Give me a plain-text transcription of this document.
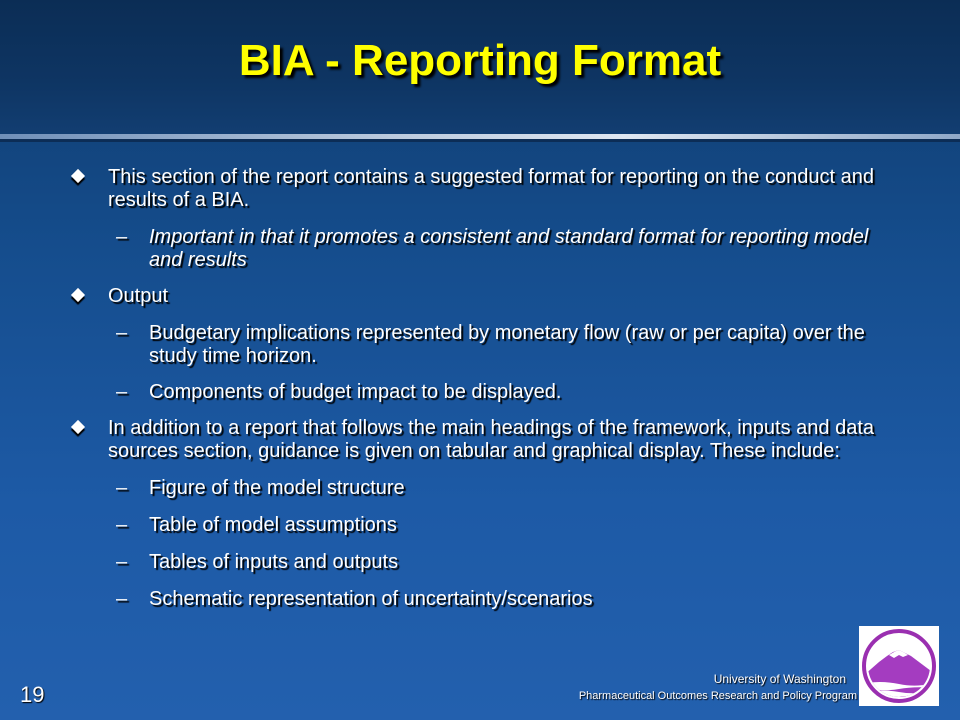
BIA - Reporting Format

This section of the report contains a suggested format for reporting on the conduct and results of a BIA.

– Important in that it promotes a consistent and standard format for reporting model and results

Output

– Budgetary implications represented by monetary flow (raw or per capita) over the study time horizon.

– Components of budget impact to be displayed.

In addition to a report that follows the main headings of the framework, inputs and data sources section, guidance is given on tabular and graphical display. These include:

– Figure of the model structure

– Table of model assumptions

– Tables of inputs and outputs

– Schematic representation of uncertainty/scenarios

19
University of Washington
Pharmaceutical Outcomes Research and Policy Program
